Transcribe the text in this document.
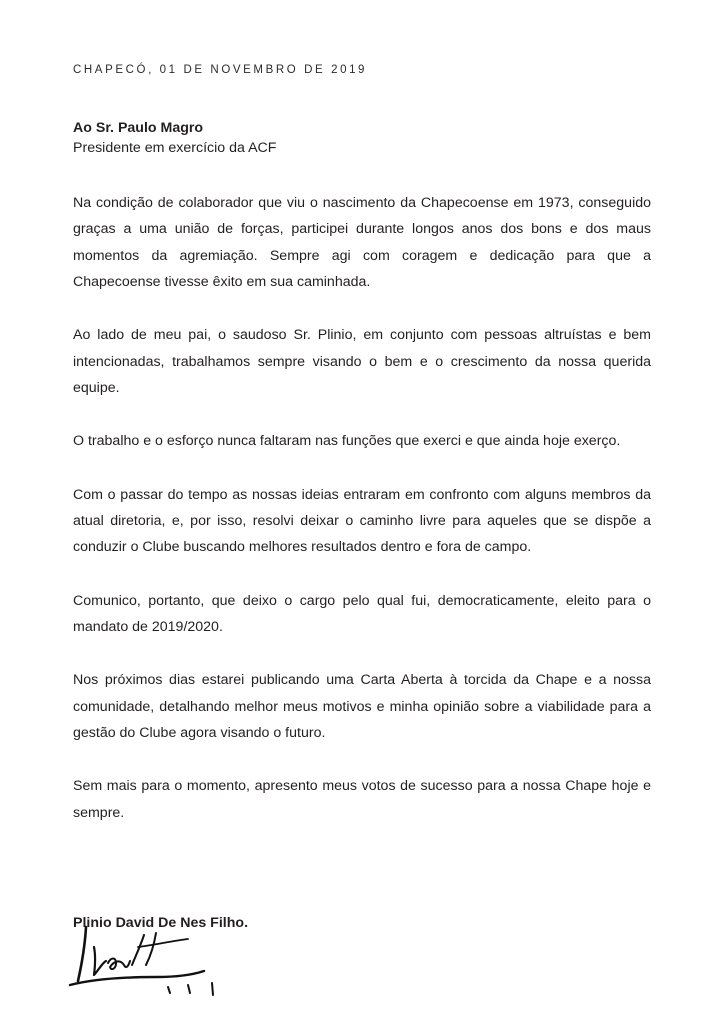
CHAPECÓ, 01 DE NOVEMBRO DE 2019
Ao Sr. Paulo Magro
Presidente em exercício da ACF

Na condição de colaborador que viu o nascimento da Chapecoense em 1973, conseguido graças a uma união de forças, participei durante longos anos dos bons e dos maus momentos da agremiação. Sempre agi com coragem e dedicação para que a Chapecoense tivesse êxito em sua caminhada.

Ao lado de meu pai, o saudoso Sr. Plinio, em conjunto com pessoas altruístas e bem intencionadas, trabalhamos sempre visando o bem e o crescimento da nossa querida equipe.

O trabalho e o esforço nunca faltaram nas funções que exerci e que ainda hoje exerço.

Com o passar do tempo as nossas ideias entraram em confronto com alguns membros da atual diretoria, e, por isso, resolvi deixar o caminho livre para aqueles que se dispõe a conduzir o Clube buscando melhores resultados dentro e fora de campo.

Comunico, portanto, que deixo o cargo pelo qual fui, democraticamente, eleito para o mandato de 2019/2020.

Nos próximos dias estarei publicando uma Carta Aberta à torcida da Chape e a nossa comunidade, detalhando melhor meus motivos e minha opinião sobre a viabilidade para a gestão do Clube agora visando o futuro.

Sem mais para o momento, apresento meus votos de sucesso para a nossa Chape hoje e sempre.

Plinio David De Nes Filho.
